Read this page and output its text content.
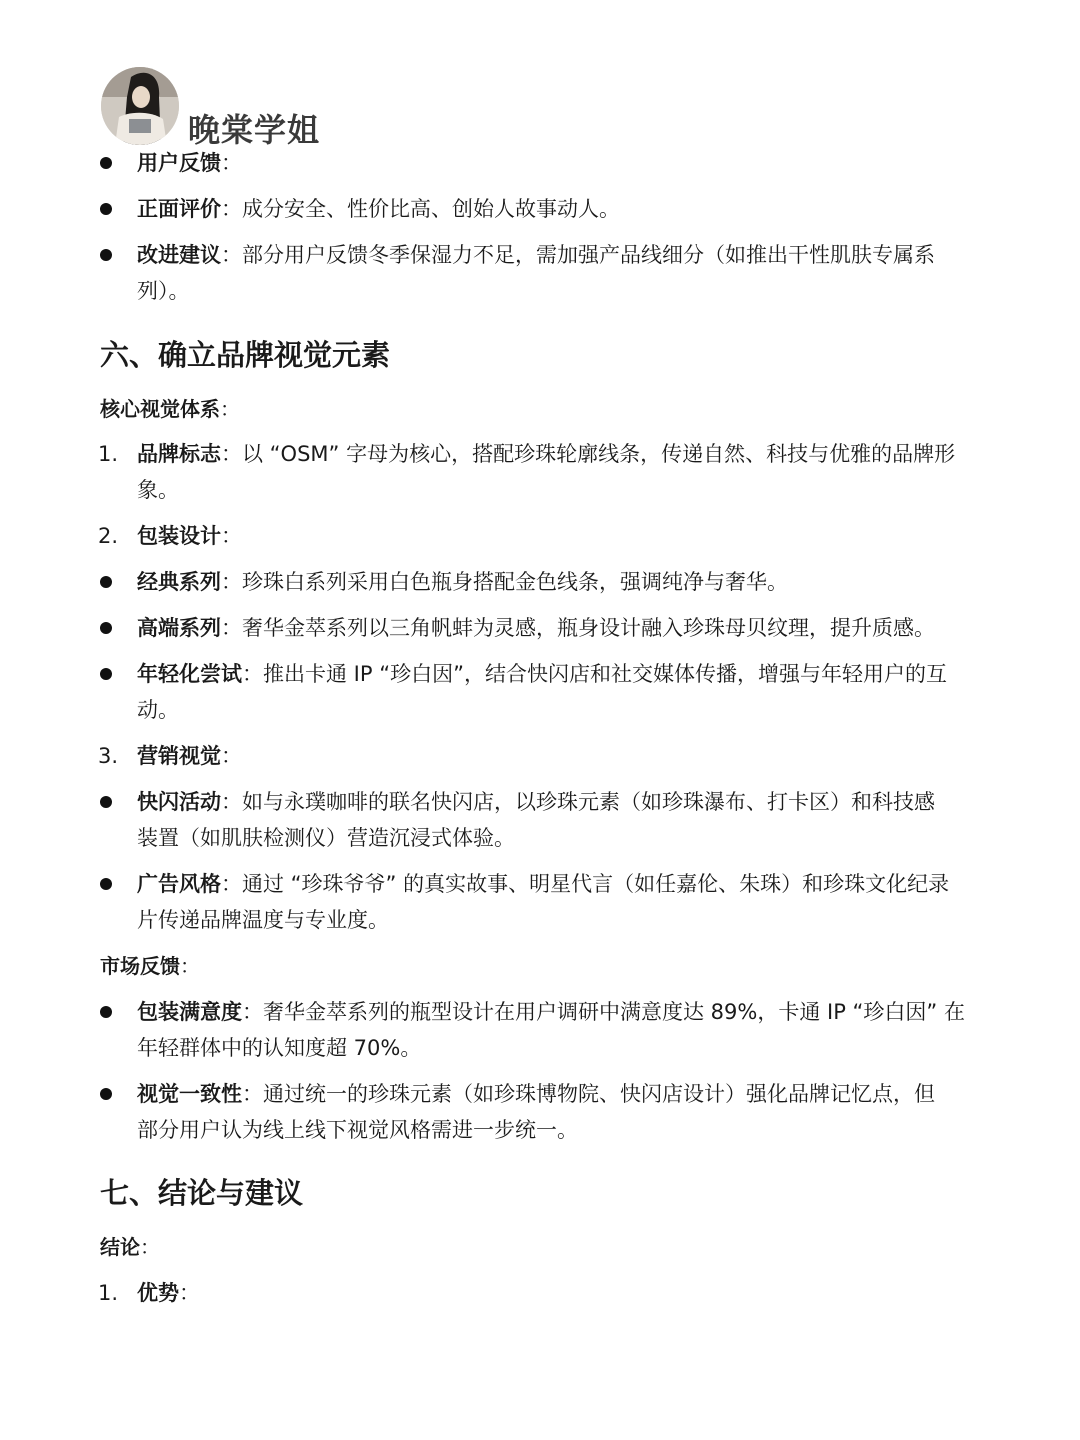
晚棠学姐
用户反馈：
正面评价：成分安全、性价比高、创始人故事动人。
改进建议：部分用户反馈冬季保湿力不足，需加强产品线细分（如推出干性肌肤专属系
列）。
六、确立品牌视觉元素
核心视觉体系：
1. 品牌标志：以 “OSM” 字母为核心，搭配珍珠轮廓线条，传递自然、科技与优雅的品牌形
象。
2. 包装设计：
经典系列：珍珠白系列采用白色瓶身搭配金色线条，强调纯净与奢华。
高端系列：奢华金萃系列以三角帆蚌为灵感，瓶身设计融入珍珠母贝纹理，提升质感。
年轻化尝试：推出卡通 IP “珍白因”，结合快闪店和社交媒体传播，增强与年轻用户的互
动。
3. 营销视觉：
快闪活动：如与永璞咖啡的联名快闪店，以珍珠元素（如珍珠瀑布、打卡区）和科技感
装置（如肌肤检测仪）营造沉浸式体验。
广告风格：通过 “珍珠爷爷” 的真实故事、明星代言（如任嘉伦、朱珠）和珍珠文化纪录
片传递品牌温度与专业度。
市场反馈：
包装满意度：奢华金萃系列的瓶型设计在用户调研中满意度达 89%，卡通 IP “珍白因” 在
年轻群体中的认知度超 70%。
视觉一致性：通过统一的珍珠元素（如珍珠博物院、快闪店设计）强化品牌记忆点，但
部分用户认为线上线下视觉风格需进一步统一。
七、结论与建议
结论：
1. 优势：
